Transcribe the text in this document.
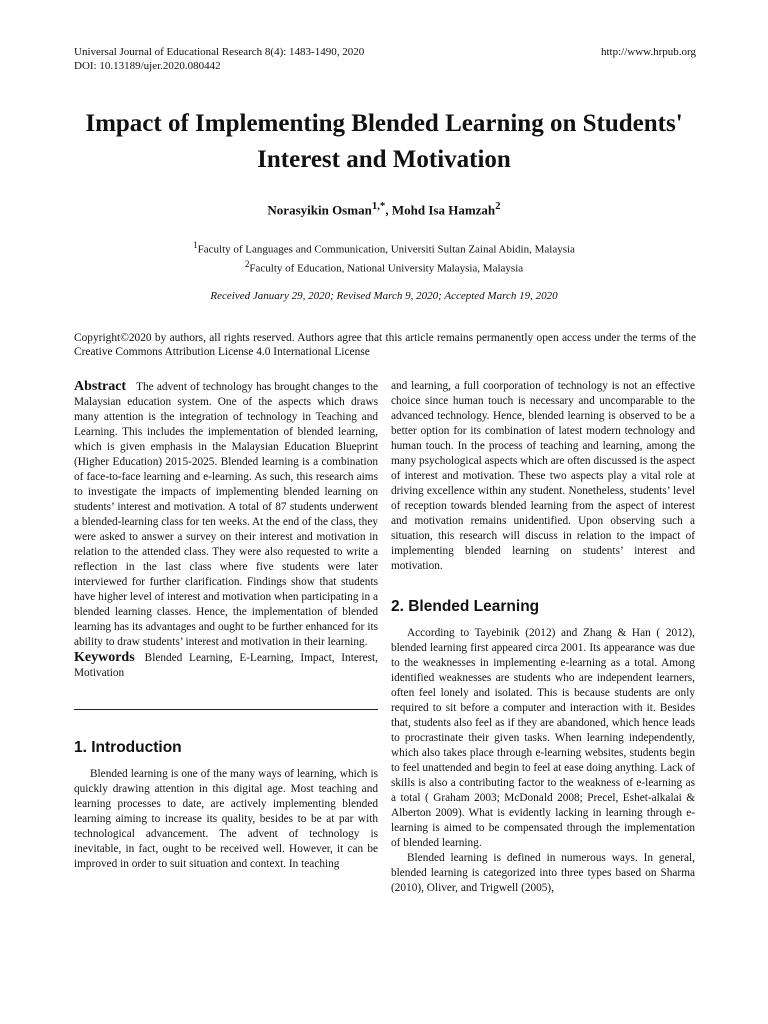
Universal Journal of Educational Research 8(4): 1483-1490, 2020
DOI: 10.13189/ujer.2020.080442
http://www.hrpub.org
Impact of Implementing Blended Learning on Students' Interest and Motivation
Norasyikin Osman$^{1,*}$, Mohd Isa Hamzah$^2$
$^1$Faculty of Languages and Communication, Universiti Sultan Zainal Abidin, Malaysia
$^2$Faculty of Education, National University Malaysia, Malaysia
Received January 29, 2020; Revised March 9, 2020; Accepted March 19, 2020
Copyright©2020 by authors, all rights reserved. Authors agree that this article remains permanently open access under the terms of the Creative Commons Attribution License 4.0 International License

Abstract The advent of technology has brought changes to the Malaysian education system. One of the aspects which draws many attention is the integration of technology in Teaching and Learning. This includes the implementation of blended learning, which is given emphasis in the Malaysian Education Blueprint (Higher Education) 2015-2025. Blended learning is a combination of face-to-face learning and e-learning. As such, this research aims to investigate the impacts of implementing blended learning on students’ interest and motivation. A total of 87 students underwent a blended-learning class for ten weeks. At the end of the class, they were asked to answer a survey on their interest and motivation in relation to the attended class. They were also requested to write a reflection in the last class where five students were later interviewed for further clarification. Findings show that students have higher level of interest and motivation when participating in a blended learning classes. Hence, the implementation of blended learning has its advantages and ought to be further enhanced for its ability to draw students’ interest and motivation in their learning.

Keywords Blended Learning, E-Learning, Impact, Interest, Motivation

1. Introduction

Blended learning is one of the many ways of learning, which is quickly drawing attention in this digital age. Most teaching and learning processes to date, are actively implementing blended learning aiming to increase its quality, besides to be at par with technological advancement. The advent of technology is inevitable, in fact, ought to be received well. However, it can be improved in order to suit situation and context. In teaching

and learning, a full coorporation of technology is not an effective choice since human touch is necessary and uncomparable to the advanced technology. Hence, blended learning is observed to be a better option for its combination of latest modern technology and human touch. In the process of teaching and learning, among the many psychological aspects which are often discussed is the aspect of interest and motivation. These two aspects play a vital role at driving excellence within any student. Nonetheless, students’ level of reception towards blended learning from the aspect of interest and motivation remains unidentified. Upon observing such a situation, this research will discuss in relation to the impact of implementing blended learning on students’ interest and motivation.

2. Blended Learning

According to Tayebinik (2012) and Zhang & Han ( 2012), blended learning first appeared circa 2001. Its appearance was due to the weaknesses in implementing e-learning as a total. Among identified weaknesses are students who are independent learners, often feel lonely and isolated. This is because students are only required to sit before a computer and interaction with it. Besides that, students also feel as if they are abandoned, which hence leads to procrastinate their given tasks. When learning independently, which also takes place through e-learning websites, students begin to feel unattended and begin to feel at ease doing anything. Lack of skills is also a contributing factor to the weakness of e-learning as a total ( Graham 2003; McDonald 2008; Precel, Eshet-alkalai & Alberton 2009). What is evidently lacking in learning through e-learning is aimed to be compensated through the implementation of blended learning.

Blended learning is defined in numerous ways. In general, blended learning is categorized into three types based on Sharma (2010), Oliver, and Trigwell (2005),
